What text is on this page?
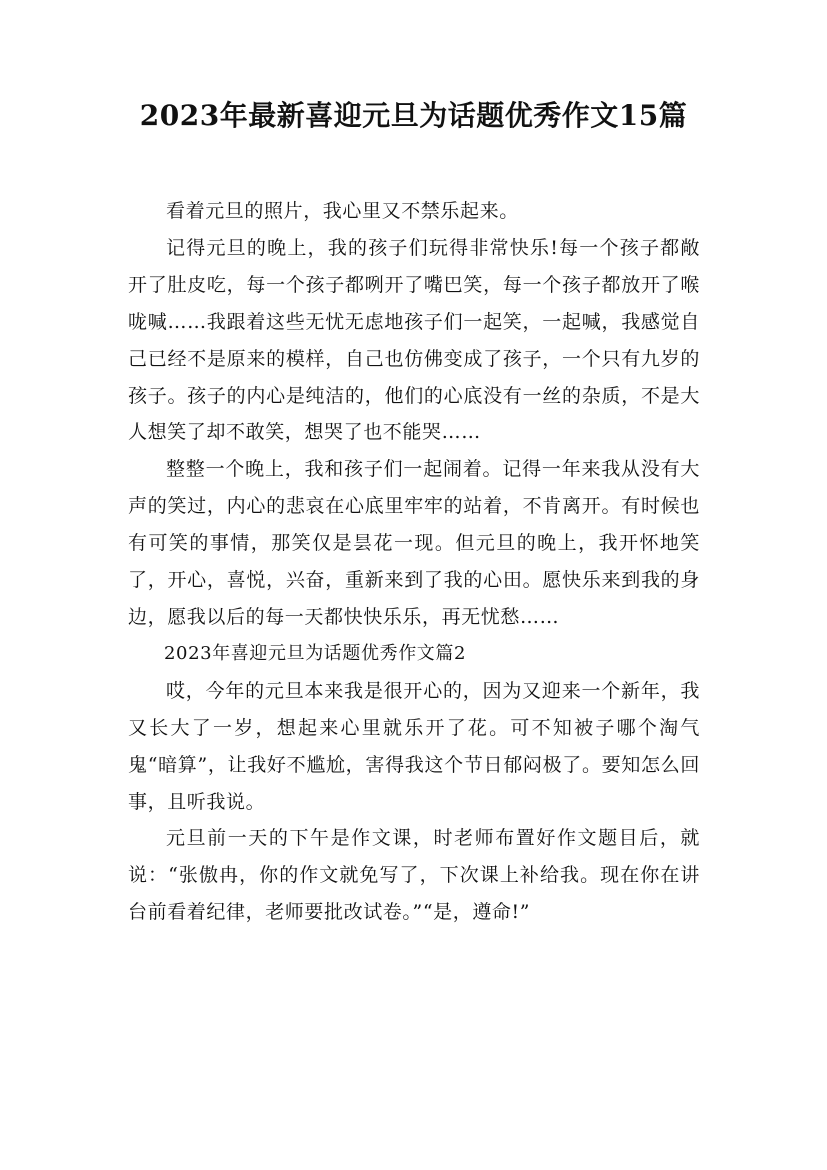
2023年最新喜迎元旦为话题优秀作文15篇

看着元旦的照片，我心里又不禁乐起来。

记得元旦的晚上，我的孩子们玩得非常快乐!每一个孩子都敞开了肚皮吃，每一个孩子都咧开了嘴巴笑，每一个孩子都放开了喉咙喊……我跟着这些无忧无虑地孩子们一起笑，一起喊，我感觉自己已经不是原来的模样，自己也仿佛变成了孩子，一个只有九岁的孩子。孩子的内心是纯洁的，他们的心底没有一丝的杂质，不是大人想笑了却不敢笑，想哭了也不能哭……

整整一个晚上，我和孩子们一起闹着。记得一年来我从没有大声的笑过，内心的悲哀在心底里牢牢的站着，不肯离开。有时候也有可笑的事情，那笑仅是昙花一现。但元旦的晚上，我开怀地笑了，开心，喜悦，兴奋，重新来到了我的心田。愿快乐来到我的身边，愿我以后的每一天都快快乐乐，再无忧愁……

2023年喜迎元旦为话题优秀作文篇2

哎，今年的元旦本来我是很开心的，因为又迎来一个新年，我又长大了一岁，想起来心里就乐开了花。可不知被子哪个淘气鬼“暗算”，让我好不尴尬，害得我这个节日郁闷极了。要知怎么回事，且听我说。

元旦前一天的下午是作文课，时老师布置好作文题目后，就说：“张傲冉，你的作文就免写了，下次课上补给我。现在你在讲台前看着纪律，老师要批改试卷。”“是，遵命!”
